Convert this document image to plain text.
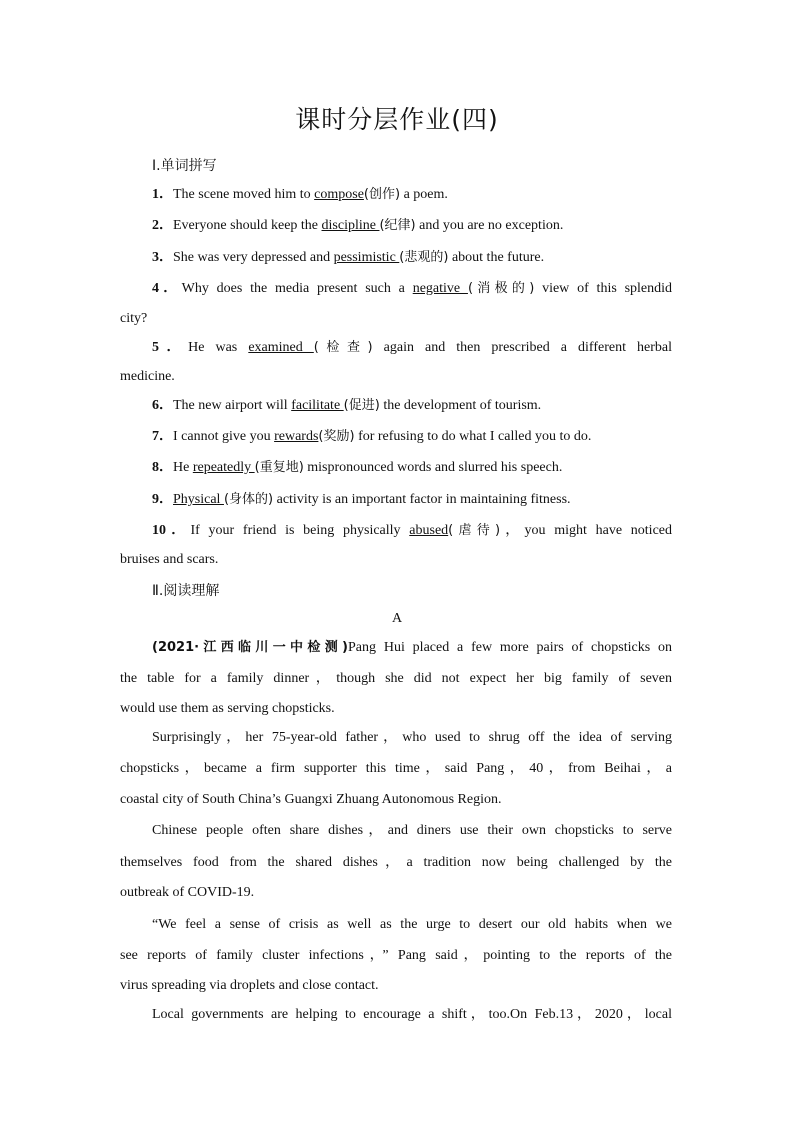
课时分层作业(四)
Ⅰ.单词拼写
1．The scene moved him to compose(创作) a poem.
2．Everyone should keep the discipline (纪律) and you are no exception.
3．She was very depressed and pessimistic (悲观的) about the future.
4．Why does the media present such a negative (消极的) view of this splendid
city?
5．He was examined (检查) again and then prescribed a different herbal
medicine.
6．The new airport will facilitate (促进) the development of tourism.
7．I cannot give you rewards(奖励) for refusing to do what I called you to do.
8．He repeatedly (重复地) mispronounced words and slurred his speech.
9．Physical (身体的) activity is an important factor in maintaining fitness.
10．If your friend is being physically abused(虐待)，you might have noticed
bruises and scars.
Ⅱ.阅读理解
A
(2021·江西临川一中检测)Pang Hui placed a few more pairs of chopsticks on
the table for a family dinner，though she did not expect her big family of seven
would use them as serving chopsticks.
Surprisingly，her 75-year-old father，who used to shrug off the idea of serving
chopsticks，became a firm supporter this time，said Pang，40，from Beihai，a
coastal city of South China’s Guangxi Zhuang Autonomous Region.
Chinese people often share dishes，and diners use their own chopsticks to serve
themselves food from the shared dishes，a tradition now being challenged by the
outbreak of COVID-19.
“We feel a sense of crisis as well as the urge to desert our old habits when we
see reports of family cluster infections，” Pang said，pointing to the reports of the
virus spreading via droplets and close contact.
Local governments are helping to encourage a shift，too.On Feb.13，2020，local
